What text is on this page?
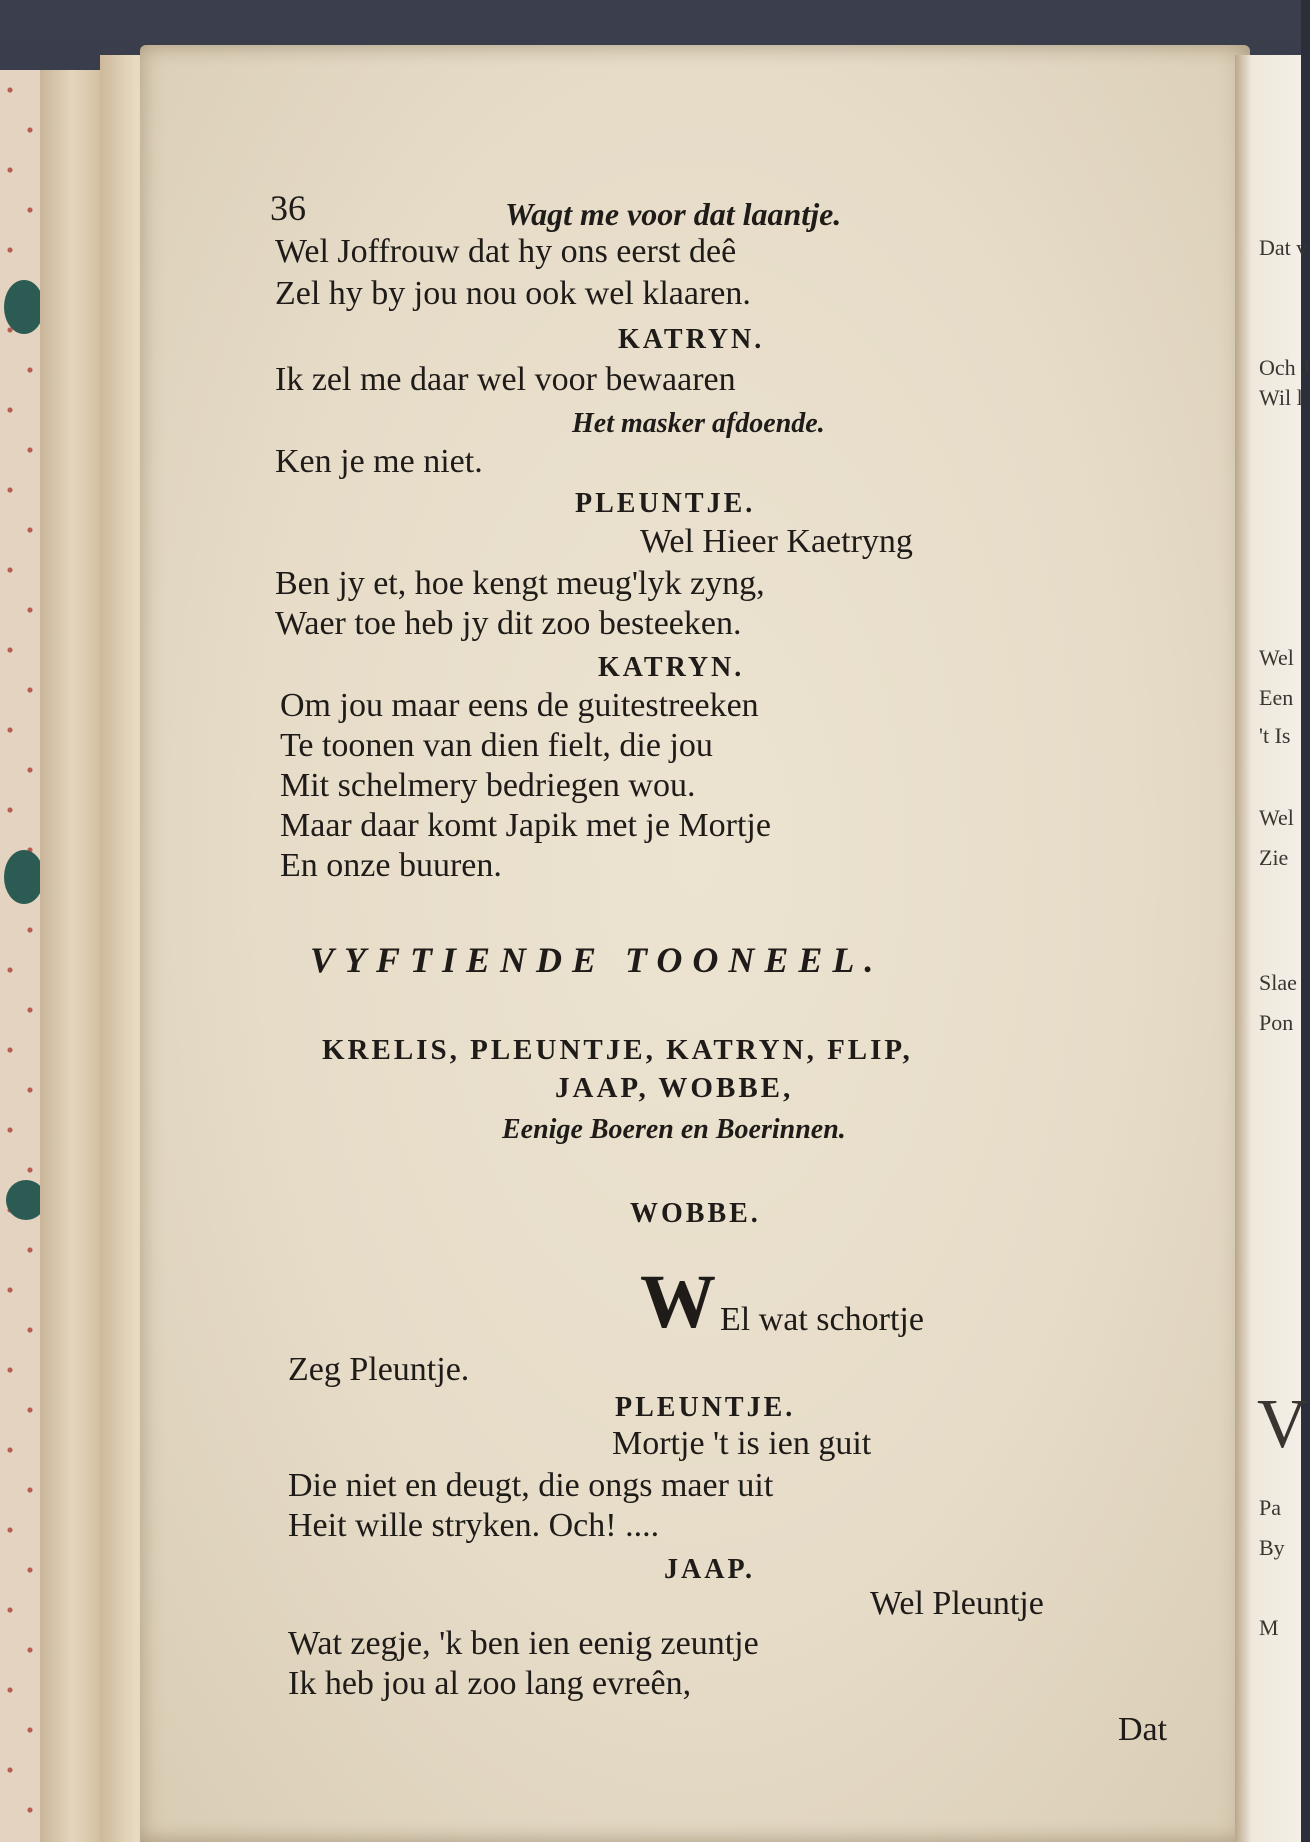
Dat v
Och J
Wil l
Wel
Een
't Is
Wel
Zie
Slae
Pon
V
Pa
By
M
36	Wagt me voor dat laantje.
Wel Joffrouw dat hy ons eerst deê
Zel hy by jou nou ook wel klaaren.
KATRYN.
Ik zel me daar wel voor bewaaren
Het masker afdoende.
Ken je me niet.
PLEUNTJE.
Wel Hieer Kaetryng
Ben jy et, hoe kengt meug'lyk zyng,
Waer toe heb jy dit zoo besteeken.
KATRYN.
Om jou maar eens de guitestreeken
Te toonen van dien fielt, die jou
Mit schelmery bedriegen wou.
Maar daar komt Japik met je Mortje
En onze buuren.
VYFTIENDE TOONEEL.
KRELIS, PLEUNTJE, KATRYN, FLIP,
JAAP, WOBBE,
Eenige Boeren en Boerinnen.
WOBBE.
W El wat schortje
Zeg Pleuntje.
PLEUNTJE.
Mortje 't is ien guit
Die niet en deugt, die ongs maer uit
Heit wille stryken. Och! ....
JAAP.
Wel Pleuntje
Wat zegje, 'k ben ien eenig zeuntje
Ik heb jou al zoo lang evreên,
Dat
